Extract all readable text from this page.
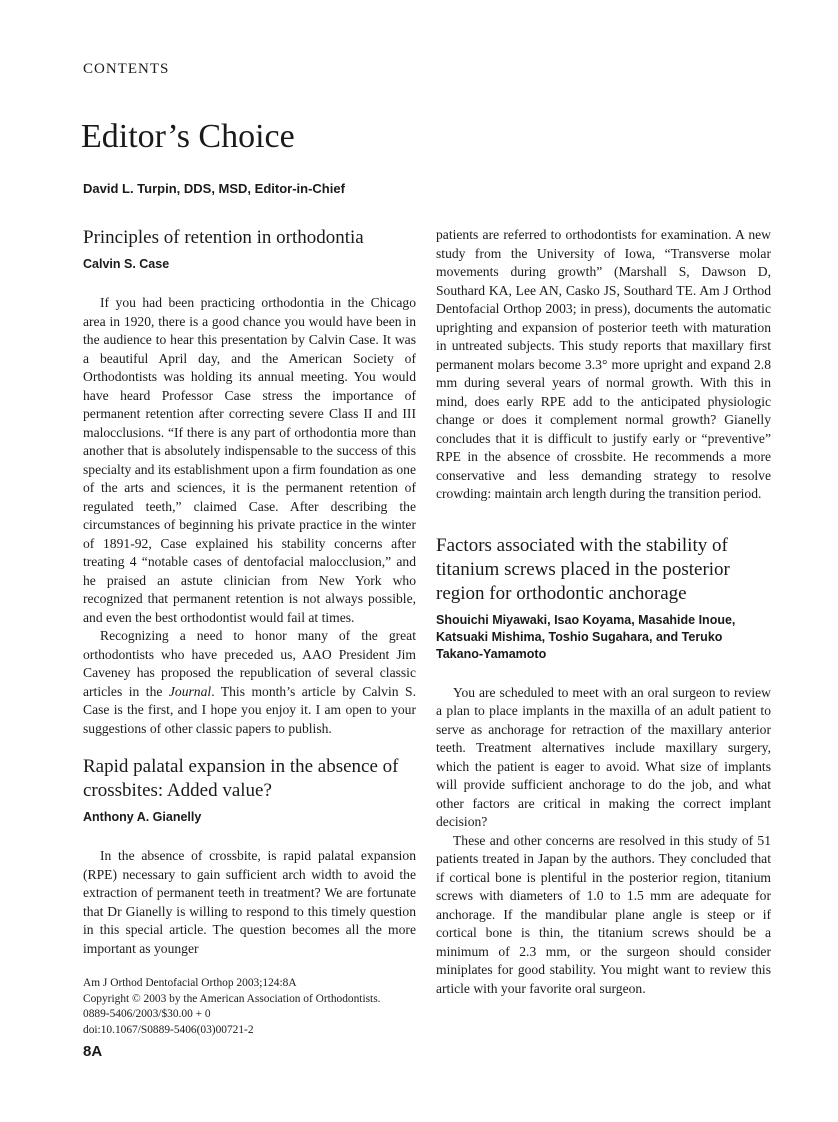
CONTENTS
Editor’s Choice
David L. Turpin, DDS, MSD, Editor-in-Chief
Principles of retention in orthodontia
Calvin S. Case

If you had been practicing orthodontia in the Chicago area in 1920, there is a good chance you would have been in the audience to hear this presentation by Calvin Case. It was a beautiful April day, and the American Society of Orthodontists was holding its annual meeting. You would have heard Professor Case stress the importance of permanent retention after correcting severe Class II and III malocclusions. “If there is any part of orthodontia more than another that is absolutely indispensable to the success of this specialty and its establishment upon a firm foundation as one of the arts and sciences, it is the permanent retention of regulated teeth,” claimed Case. After describing the circumstances of beginning his private practice in the winter of 1891-92, Case explained his stability concerns after treating 4 “notable cases of dentofacial malocclusion,” and he praised an astute clinician from New York who recognized that permanent retention is not always possible, and even the best orthodontist would fail at times.

Recognizing a need to honor many of the great orthodontists who have preceded us, AAO President Jim Caveney has proposed the republication of several classic articles in the Journal. This month’s article by Calvin S. Case is the first, and I hope you enjoy it. I am open to your suggestions of other classic papers to publish.

Rapid palatal expansion in the absence of crossbites: Added value?
Anthony A. Gianelly

In the absence of crossbite, is rapid palatal expansion (RPE) necessary to gain sufficient arch width to avoid the extraction of permanent teeth in treatment? We are fortunate that Dr Gianelly is willing to respond to this timely question in this special article. The question becomes all the more important as younger

patients are referred to orthodontists for examination. A new study from the University of Iowa, “Transverse molar movements during growth” (Marshall S, Dawson D, Southard KA, Lee AN, Casko JS, Southard TE. Am J Orthod Dentofacial Orthop 2003; in press), documents the automatic uprighting and expansion of posterior teeth with maturation in untreated subjects. This study reports that maxillary first permanent molars become 3.3° more upright and expand 2.8 mm during several years of normal growth. With this in mind, does early RPE add to the anticipated physiologic change or does it complement normal growth? Gianelly concludes that it is difficult to justify early or “preventive” RPE in the absence of crossbite. He recommends a more conservative and less demanding strategy to resolve crowding: maintain arch length during the transition period.

Factors associated with the stability of titanium screws placed in the posterior region for orthodontic anchorage
Shouichi Miyawaki, Isao Koyama, Masahide Inoue, Katsuaki Mishima, Toshio Sugahara, and Teruko Takano-Yamamoto

You are scheduled to meet with an oral surgeon to review a plan to place implants in the maxilla of an adult patient to serve as anchorage for retraction of the maxillary anterior teeth. Treatment alternatives include maxillary surgery, which the patient is eager to avoid. What size of implants will provide sufficient anchorage to do the job, and what other factors are critical in making the correct implant decision?

These and other concerns are resolved in this study of 51 patients treated in Japan by the authors. They concluded that if cortical bone is plentiful in the posterior region, titanium screws with diameters of 1.0 to 1.5 mm are adequate for anchorage. If the mandibular plane angle is steep or if cortical bone is thin, the titanium screws should be a minimum of 2.3 mm, or the surgeon should consider miniplates for good stability. You might want to review this article with your favorite oral surgeon.

Am J Orthod Dentofacial Orthop 2003;124:8A
Copyright © 2003 by the American Association of Orthodontists.
0889-5406/2003/$30.00 + 0
doi:10.1067/S0889-5406(03)00721-2
8A
